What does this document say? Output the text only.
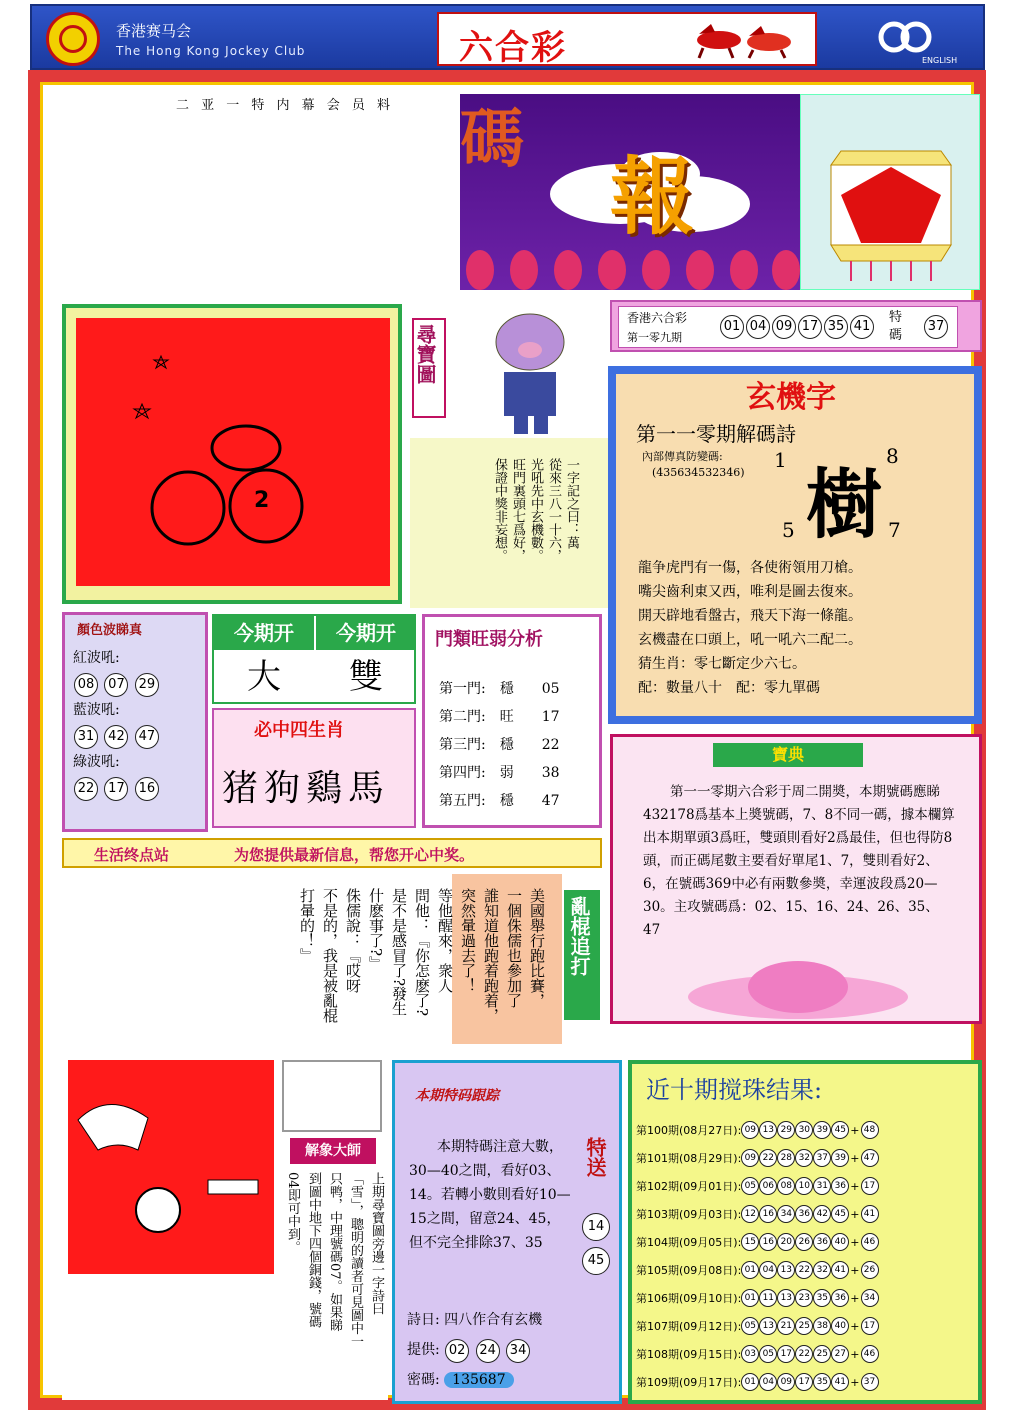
香港赛马会
The Hong Kong Jockey Club	六合彩	ENGLISH
二 亚 一 特 内 幕 会 员 料 碼
報
香港六合彩
第一零九期
01 04 09 17 35 41
特碼
37
2
尋寶圖
一字記之曰：萬
從來三八一十六，
光吼先中玄機數。
旺門裏頭七爲好，
保證中獎非妄想。
玄機字
第一一零期解碼詩
內部傳真防變碼:
(435634532346)
1	8
樹
5	7
龍争虎門有一傷，各使術領用刀槍。
嘴尖齒利東又西，唯利是圖去復來。
開天辟地看盤古，飛天下海一條龍。
玄機盡在口頭上，吼一吼六二配二。
猜生肖：零七斷定少六七。
配：數量八十　配：零九單碼
顏色波睇真
紅波吼:
08 07 29
藍波吼:
31 42 47
綠波吼:
22 17 16
今期开	今期开
大	雙
必中四生肖
猪狗鷄馬
門類旺弱分析
第一門:　 穩　　 05
第二門:　 旺　　 17
第三門:　 穩　　 22
第四門:　 弱　　 38
第五門:　 穩　　 47
寶典
第一一零期六合彩于周二開奬，本期號碼應睇432178爲基本上奬號碼，7、8不同一碼，據本欄算出本期單頭3爲旺，雙頭則看好2爲最佳，但也得防8頭，而正碼尾數主要看好單尾1、7，雙則看好2、6，在號碼369中必有兩數參奬，幸運波段爲20—30。主攻號碼爲：02、15、16、24、26、35、47
生活终点站	为您提供最新信息，帮您开心中奖。
美國舉行跑比賽，
一個侏儒也參加了
誰知道他跑着跑着，
突然暈過去了！
等他醒來，衆人
問他：『你怎麽了?
是不是感冒了?發生
什麽事了?』
侏儒說：『哎呀
不是的，我是被亂棍
打暈的！』	亂棍追打
解象大師
上期尋寶圖旁邊一字詩曰
「雪」，聰明的讀者可見圖中一
只鸭，中理號碼07。如果睇
到圖中地下四個銅錢，號碼
04即可中到。
本期特码跟踪
本期特碼注意大數，30—40之間，看好03、14。若轉小數則看好10—15之間，留意24、45，但不完全排除37、35
特送
14
45
詩日: 四八作合有玄機
提供: 02 24 34
密碼: 135687
近十期搅珠结果:
第100期 (08月27日): 09 13 29 30 39 45 + 48
第101期 (08月29日): 09 22 28 32 37 39 + 47
第102期 (09月01日): 05 06 08 10 31 36 + 17
第103期 (09月03日): 12 16 34 36 42 45 + 41
第104期 (09月05日): 15 16 20 26 36 40 + 46
第105期 (09月08日): 01 04 13 22 32 41 + 26
第106期 (09月10日): 01 11 13 23 35 36 + 34
第107期 (09月12日): 05 13 21 25 38 40 + 17
第108期 (09月15日): 03 05 17 22 25 27 + 46
第109期 (09月17日): 01 04 09 17 35 41 + 37
